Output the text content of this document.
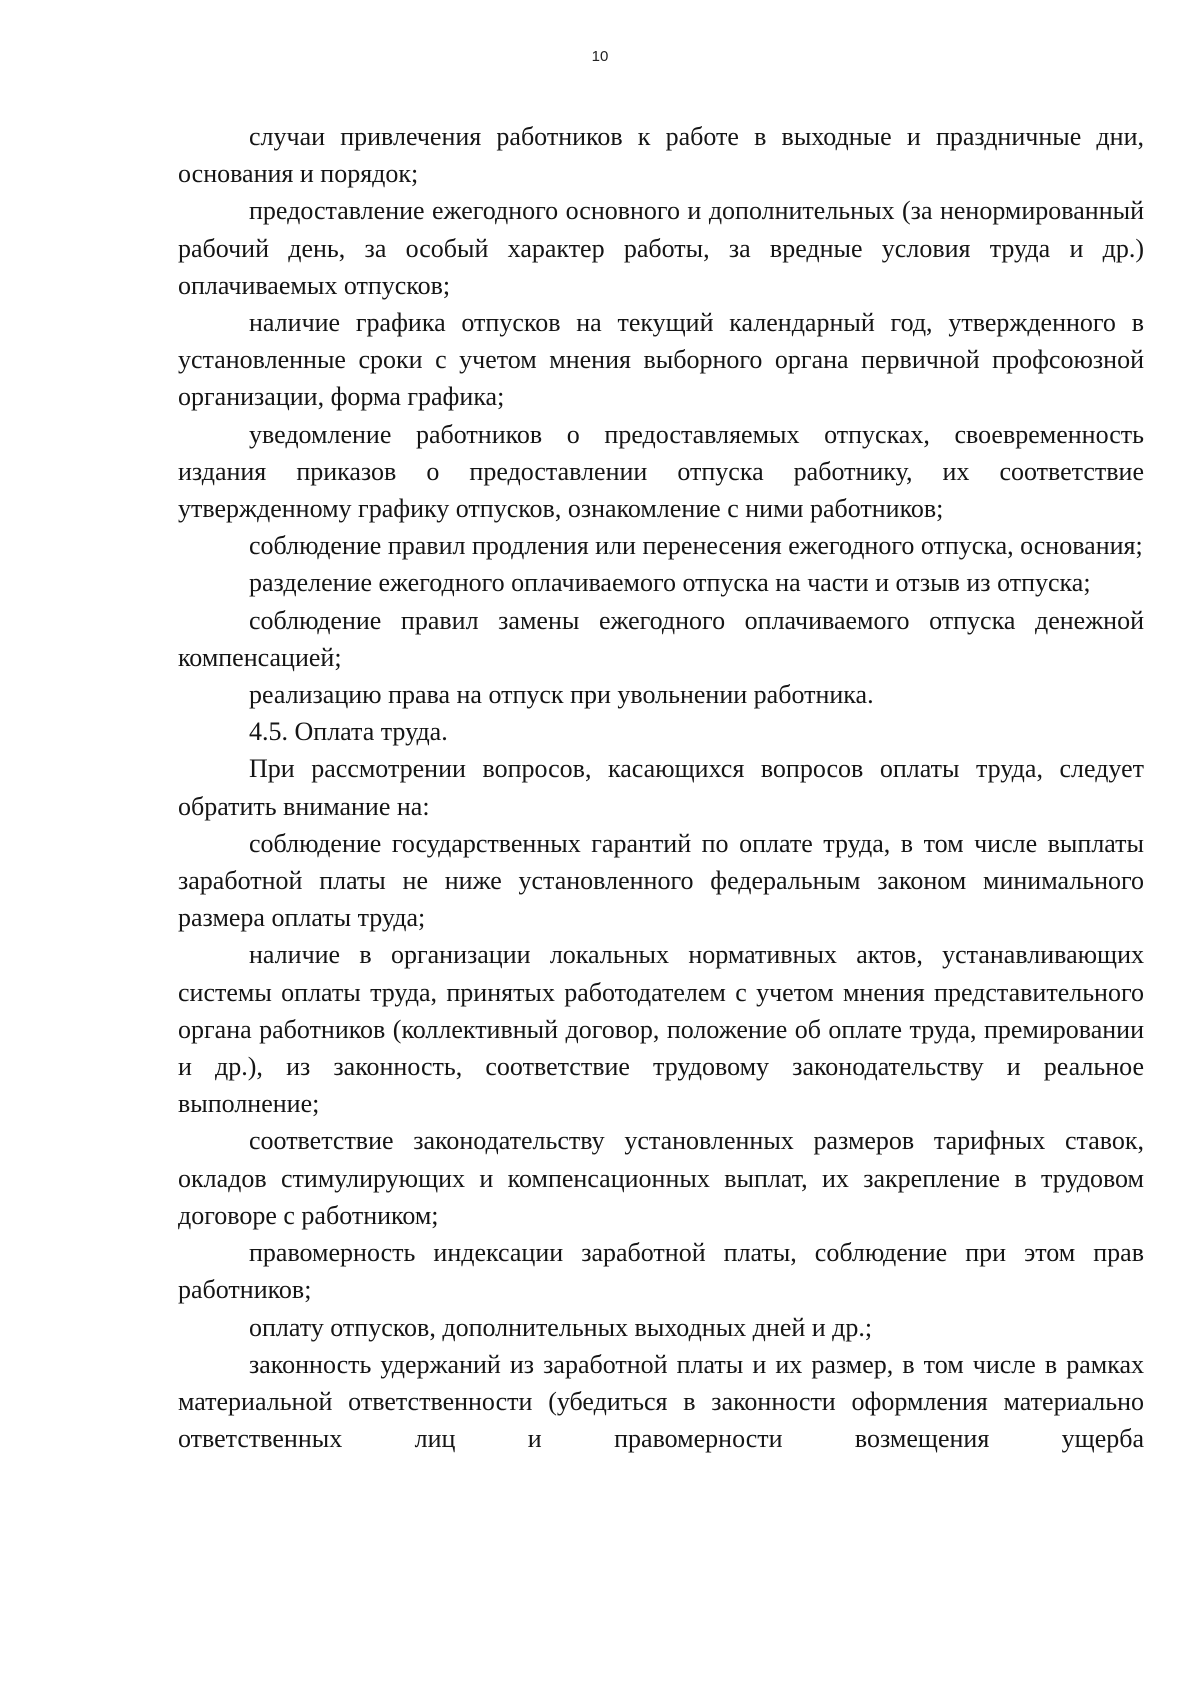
10

случаи привлечения работников к работе в выходные и праздничные дни, основания и порядок;

предоставление ежегодного основного и дополнительных (за ненормированный рабочий день, за особый характер работы, за вредные условия труда и др.) оплачиваемых отпусков;

наличие графика отпусков на текущий календарный год, утвержденного в установленные сроки с учетом мнения выборного органа первичной профсоюзной организации, форма графика;

уведомление работников о предоставляемых отпусках, своевременность издания приказов о предоставлении отпуска работнику, их соответствие утвержденному графику отпусков, ознакомление с ними работников;

соблюдение правил продления или перенесения ежегодного отпуска, основания;

разделение ежегодного оплачиваемого отпуска на части и отзыв из отпуска;

соблюдение правил замены ежегодного оплачиваемого отпуска денежной компенсацией;

реализацию права на отпуск при увольнении работника.

4.5. Оплата труда.

При рассмотрении вопросов, касающихся вопросов оплаты труда, следует обратить внимание на:

соблюдение государственных гарантий по оплате труда, в том числе выплаты заработной платы не ниже установленного федеральным законом минимального размера оплаты труда;

наличие в организации локальных нормативных актов, устанавливающих системы оплаты труда, принятых работодателем с учетом мнения представительного органа работников (коллективный договор, положение об оплате труда, премировании и др.), из законность, соответствие трудовому законодательству и реальное выполнение;

соответствие законодательству установленных размеров тарифных ставок, окладов стимулирующих и компенсационных выплат, их закрепление в трудовом договоре с работником;

правомерность индексации заработной платы, соблюдение при этом прав работников;

оплату отпусков, дополнительных выходных дней и др.;

законность удержаний из заработной платы и их размер, в том числе в рамках материальной ответственности (убедиться в законности оформления материально ответственных лиц и правомерности возмещения ущерба
